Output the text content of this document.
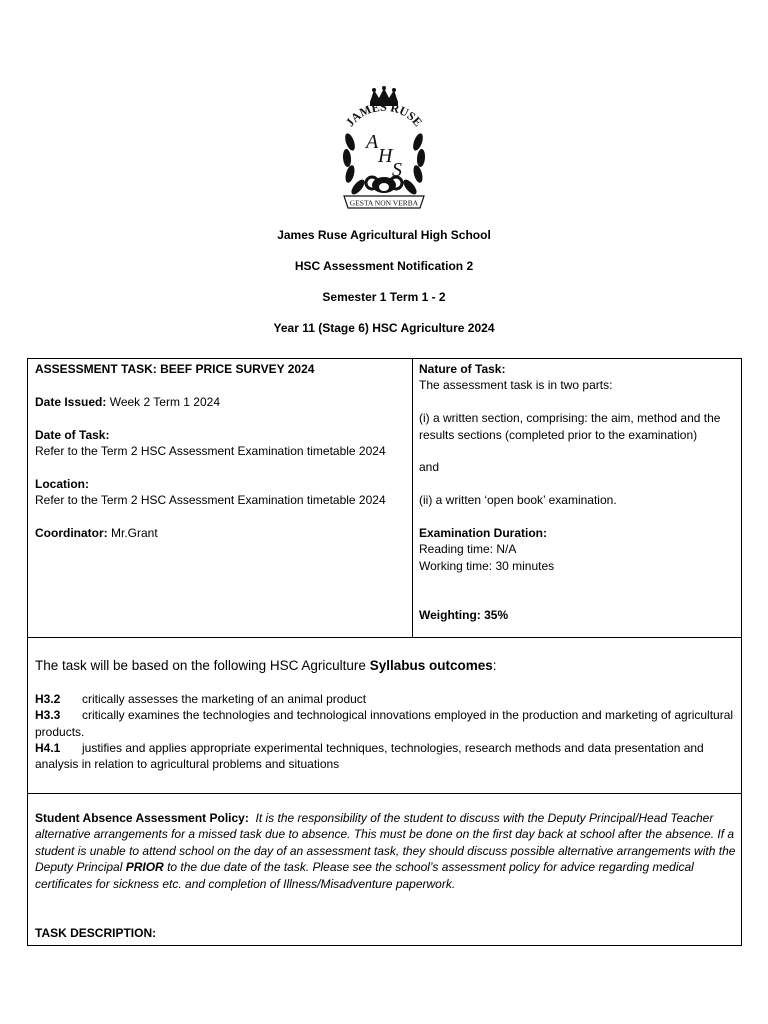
JAMES RUSE
A
H
S
GESTA NON VERBA
James Ruse Agricultural High School
HSC Assessment Notification 2
Semester 1 Term 1 - 2
Year 11 (Stage 6) HSC Agriculture 2024

ASSESSMENT TASK: BEEF PRICE SURVEY 2024

Date Issued: Week 2 Term 1 2024

Date of Task:

Refer to the Term 2 HSC Assessment Examination timetable 2024

Location:

Refer to the Term 2 HSC Assessment Examination timetable 2024

Coordinator: Mr.Grant

Nature of Task:

The assessment task is in two parts:

(i) a written section, comprising: the aim, method and the results sections (completed prior to the examination)

and

(ii) a written ‘open book’ examination.

Examination Duration:

Reading time: N/A

Working time: 30 minutes

Weighting: 35%

The task will be based on the following HSC Agriculture Syllabus outcomes:

H3.2 critically assesses the marketing of an animal product

H3.3 critically examines the technologies and technological innovations employed in the production and marketing of agricultural products.

H4.1 justifies and applies appropriate experimental techniques, technologies, research methods and data presentation and analysis in relation to agricultural problems and situations

Student Absence Assessment Policy: It is the responsibility of the student to discuss with the Deputy Principal/Head Teacher alternative arrangements for a missed task due to absence. This must be done on the first day back at school after the absence. If a student is unable to attend school on the day of an assessment task, they should discuss possible alternative arrangements with the Deputy Principal PRIOR to the due date of the task. Please see the school’s assessment policy for advice regarding medical certificates for sickness etc. and completion of Illness/Misadventure paperwork.

TASK DESCRIPTION:
